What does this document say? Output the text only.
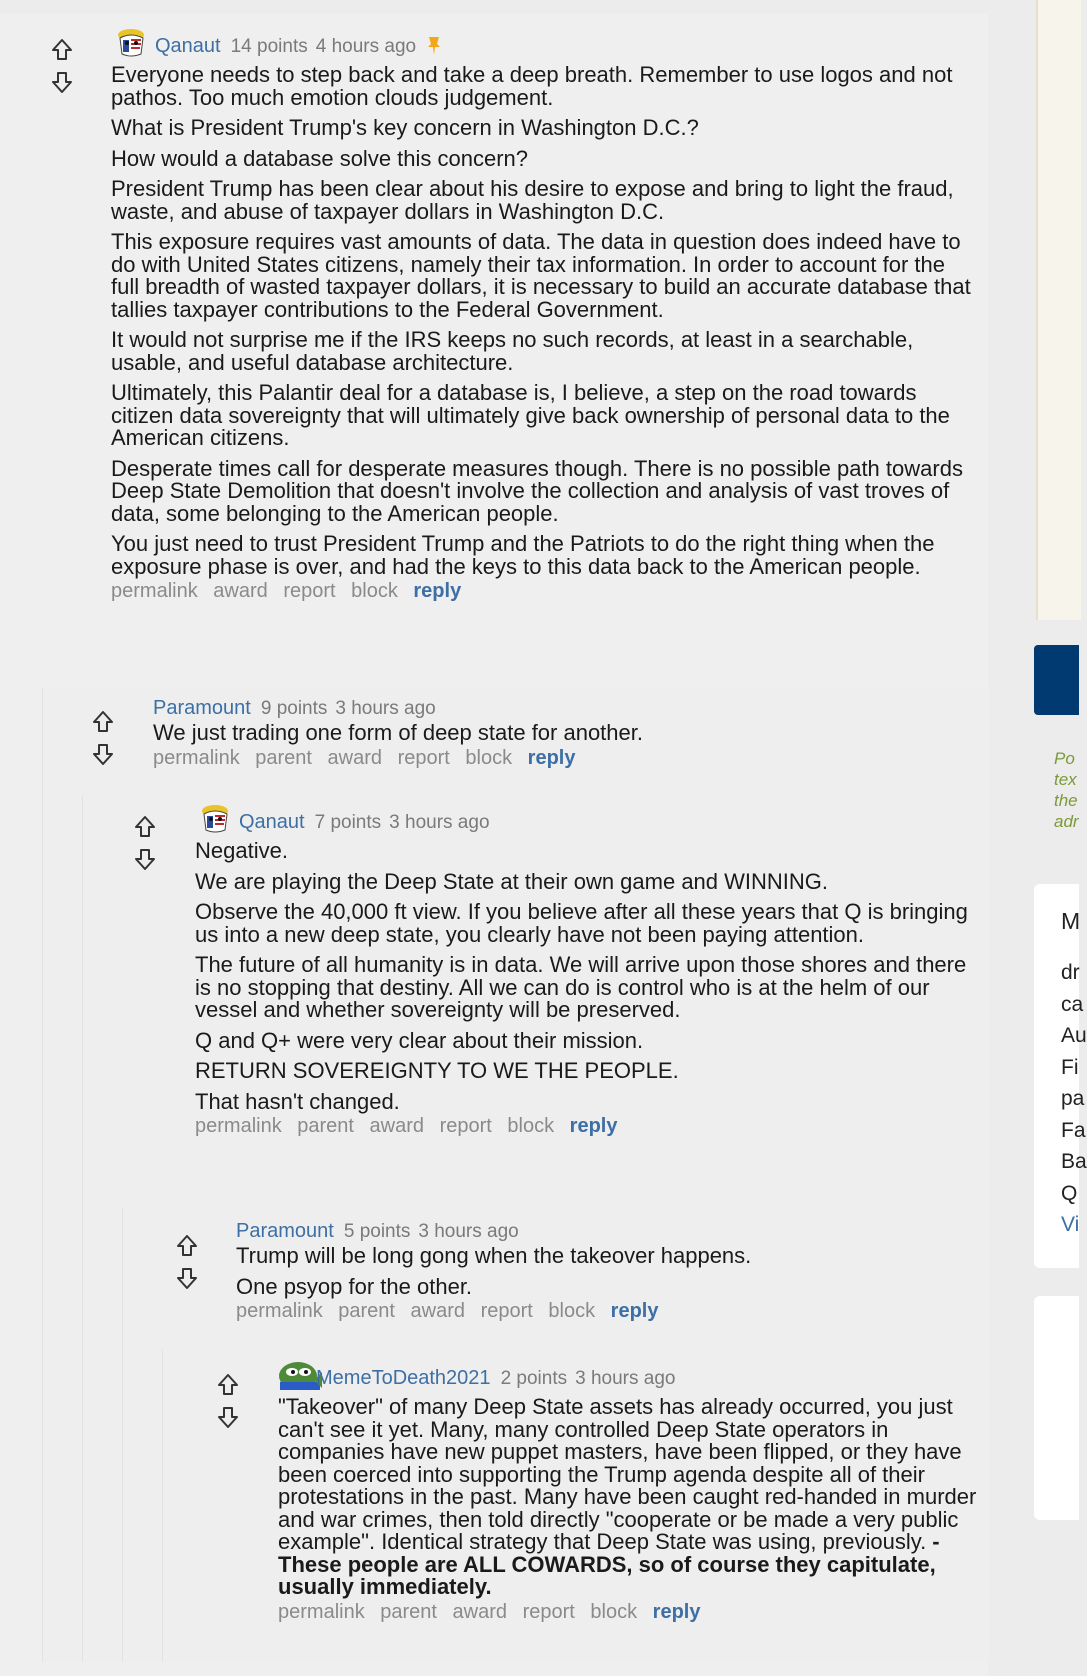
Qanaut 14 points 4 hours ago

Everyone needs to step back and take a deep breath. Remember to use logos and not pathos. Too much emotion clouds judgement.

What is President Trump's key concern in Washington D.C.?

How would a database solve this concern?

President Trump has been clear about his desire to expose and bring to light the fraud, waste, and abuse of taxpayer dollars in Washington D.C.

This exposure requires vast amounts of data. The data in question does indeed have to do with United States citizens, namely their tax information. In order to account for the full breadth of wasted taxpayer dollars, it is necessary to build an accurate database that tallies taxpayer contributions to the Federal Government.

It would not surprise me if the IRS keeps no such records, at least in a searchable, usable, and useful database architecture.

Ultimately, this Palantir deal for a database is, I believe, a step on the road towards citizen data sovereignty that will ultimately give back ownership of personal data to the American citizens.

Desperate times call for desperate measures though. There is no possible path towards Deep State Demolition that doesn't involve the collection and analysis of vast troves of data, some belonging to the American people.

You just need to trust President Trump and the Patriots to do the right thing when the exposure phase is over, and had the keys to this data back to the American people.

permalink award report block reply
Paramount 9 points 3 hours ago

We just trading one form of deep state for another.

permalink parent award report block reply
Qanaut 7 points 3 hours ago

Negative.

We are playing the Deep State at their own game and WINNING.

Observe the 40,000 ft view. If you believe after all these years that Q is bringing us into a new deep state, you clearly have not been paying attention.

The future of all humanity is in data. We will arrive upon those shores and there is no stopping that destiny. All we can do is control who is at the helm of our vessel and whether sovereignty will be preserved.

Q and Q+ were very clear about their mission.

RETURN SOVEREIGNTY TO WE THE PEOPLE.

That hasn't changed.

permalink parent award report block reply
Paramount 5 points 3 hours ago

Trump will be long gong when the takeover happens.

One psyop for the other.

permalink parent award report block reply
MemeToDeath2021 2 points 3 hours ago

"Takeover" of many Deep State assets has already occurred, you just can't see it yet. Many, many controlled Deep State operators in companies have new puppet masters, have been flipped, or they have been coerced into supporting the Trump agenda despite all of their protestations in the past. Many have been caught red-handed in murder and war crimes, then told directly "cooperate or be made a very public example". Identical strategy that Deep State was using, previously. - These people are ALL COWARDS, so of course they capitulate, usually immediately.

permalink parent award report block reply
Po
tex
the
adr
M
dr
ca
Au
Fi
pa
Fa
Ba
Q
Vi
